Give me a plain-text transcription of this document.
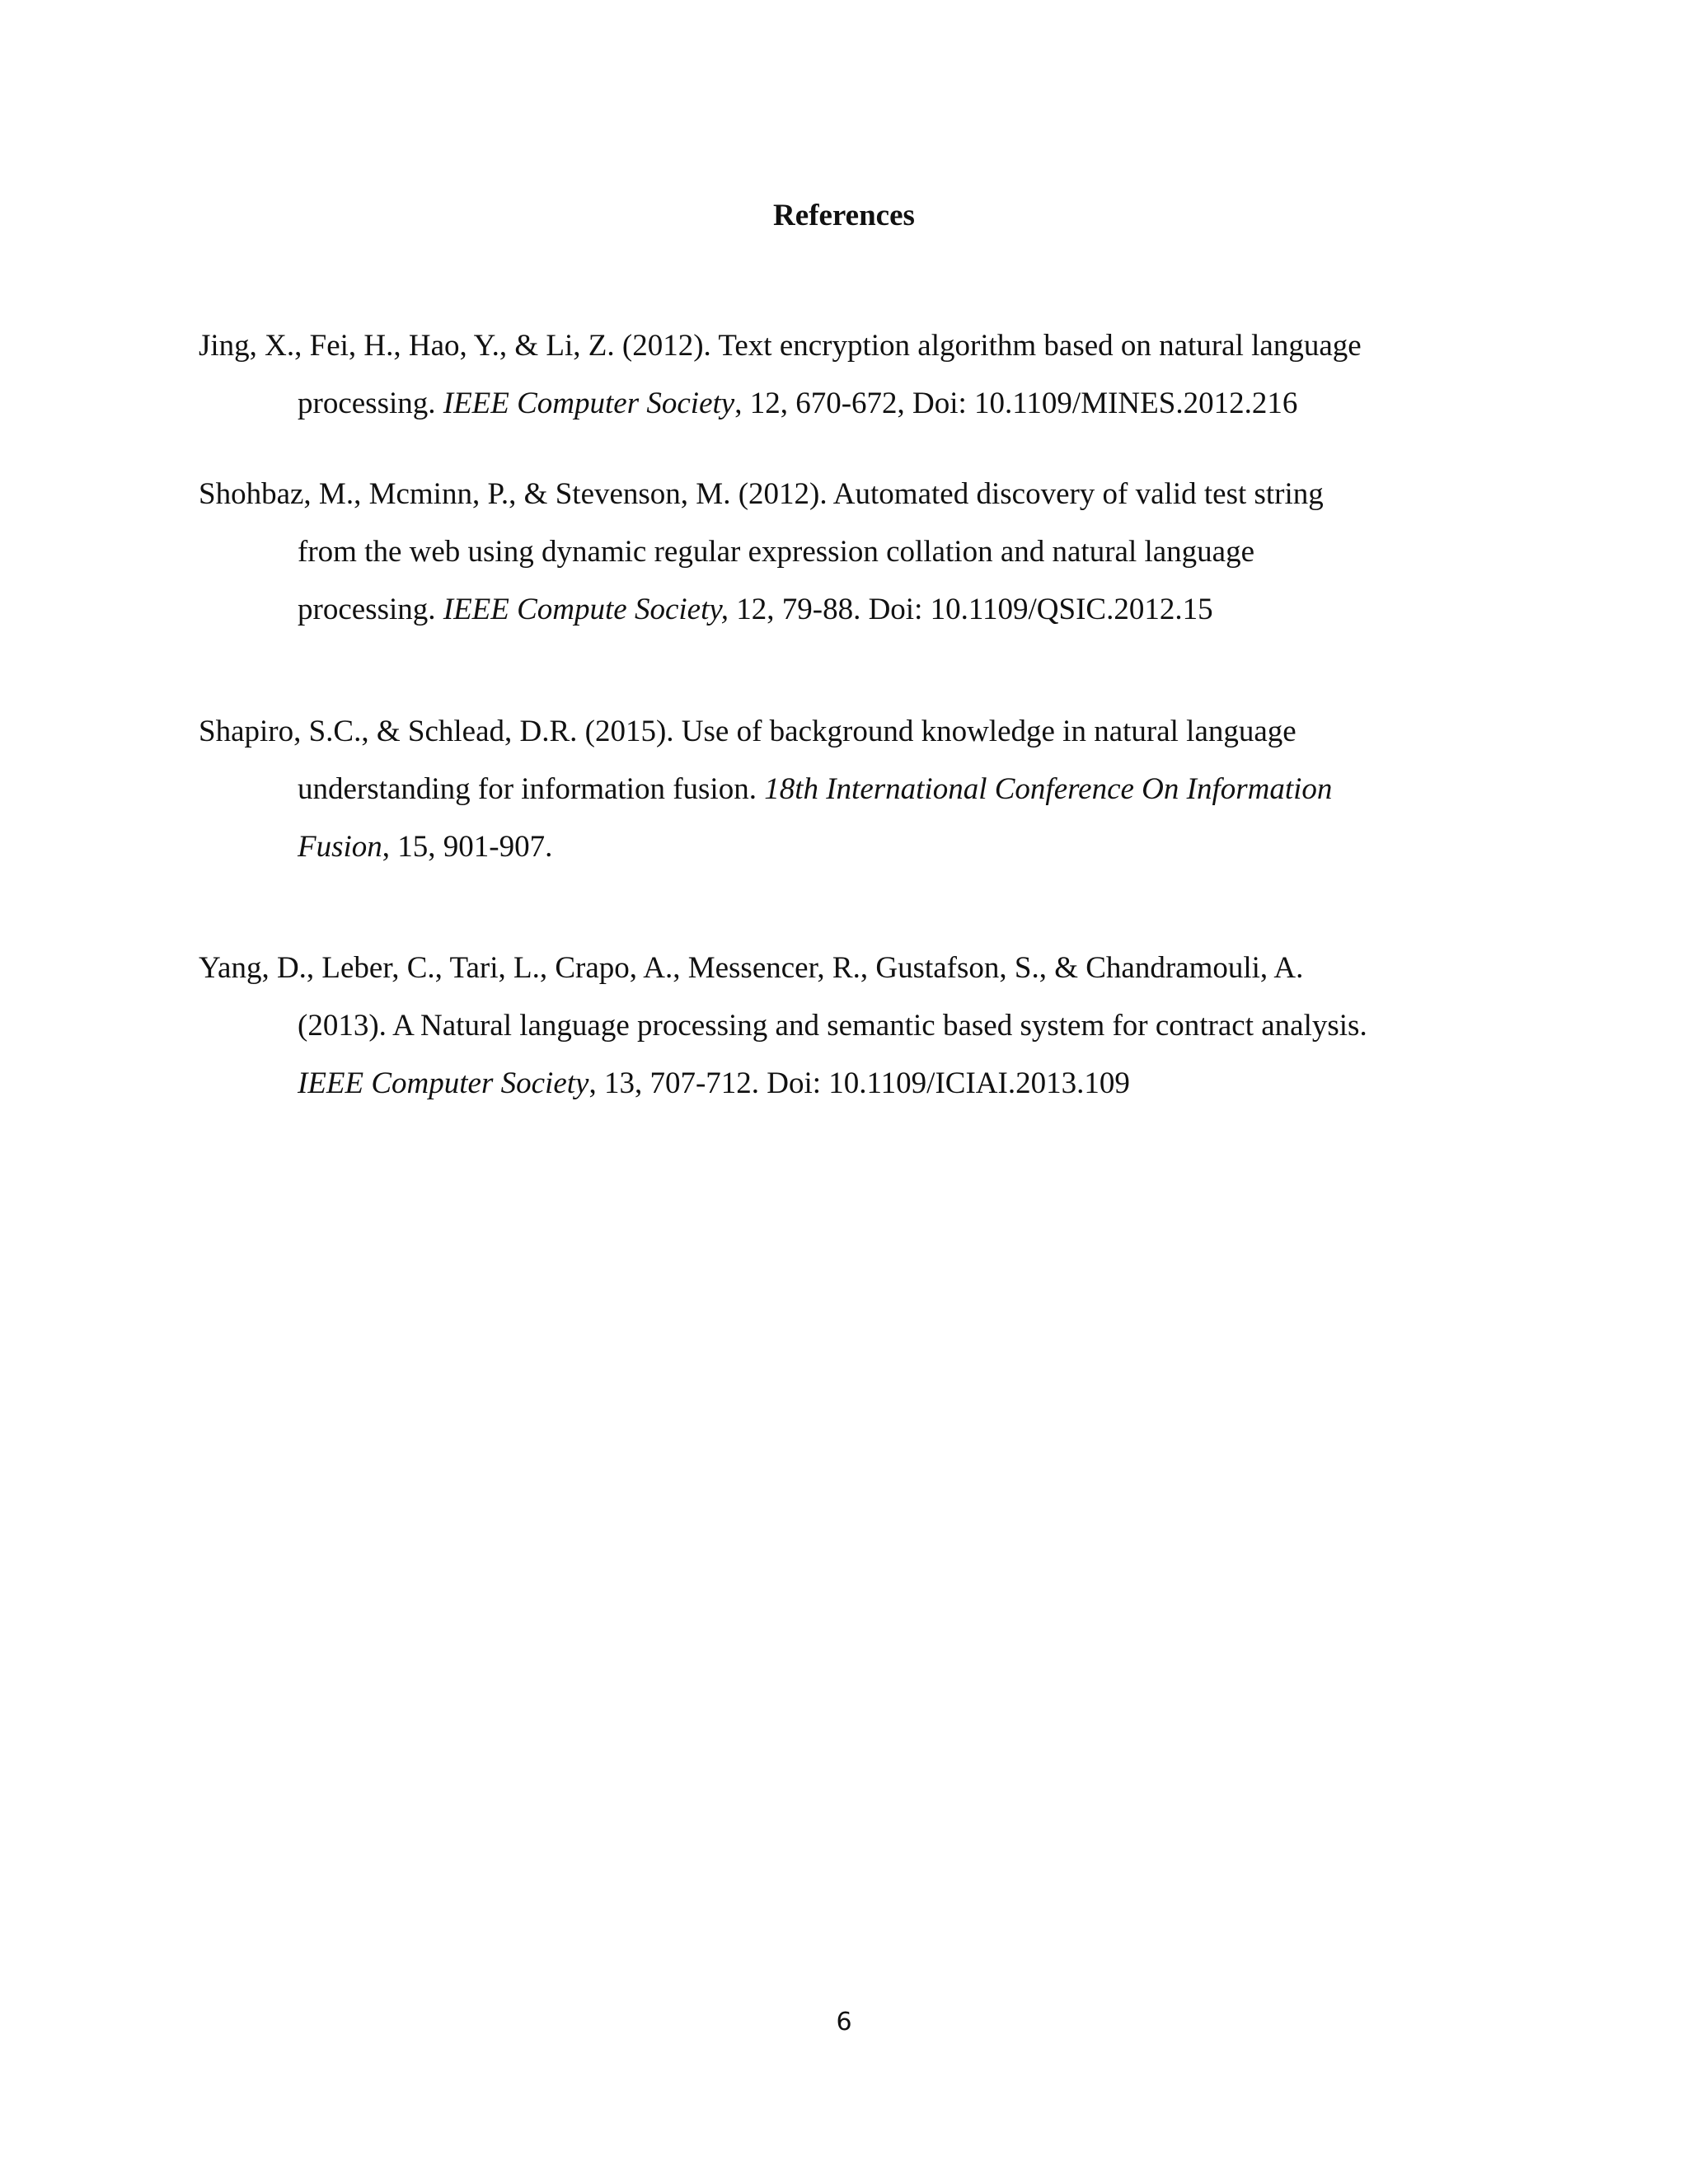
References
Jing, X., Fei, H., Hao, Y., & Li, Z. (2012). Text encryption algorithm based on natural language
processing. IEEE Computer Society, 12, 670-672, Doi: 10.1109/MINES.2012.216
Shohbaz, M., Mcminn, P., & Stevenson, M. (2012). Automated discovery of valid test string
from the web using dynamic regular expression collation and natural language
processing. IEEE Compute Society, 12, 79-88. Doi: 10.1109/QSIC.2012.15
Shapiro, S.C., & Schlead, D.R. (2015). Use of background knowledge in natural language
understanding for information fusion. 18th International Conference On Information
Fusion, 15, 901-907.
Yang, D., Leber, C., Tari, L., Crapo, A., Messencer, R., Gustafson, S., & Chandramouli, A.
(2013). A Natural language processing and semantic based system for contract analysis.
IEEE Computer Society, 13, 707-712. Doi: 10.1109/ICIAI.2013.109
6
